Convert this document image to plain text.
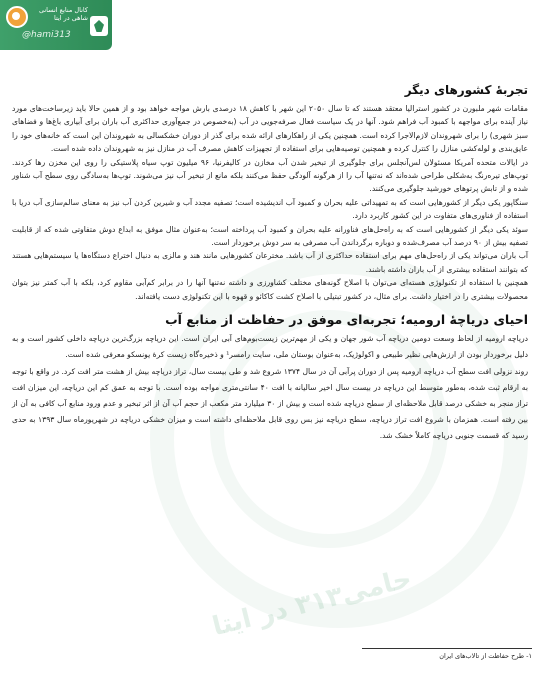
کانال منابع انسانی شاهی در ایتا
@hami313
تجربۀ کشورهای دیگر

مقامات شهر ملبورن در کشور استرالیا معتقد هستند که تا سال ۲۰۵۰ این شهر با کاهش ۱۸ درصدی بارش مواجه خواهد بود و از همین حالا باید زیرساخت‌های مورد نیاز آینده برای مواجهه با کمبود آب فراهم شود. آنها در یک سیاست فعال صرفه‌جویی در آب (به‌خصوص در جمع‌آوری حداکثری آب باران برای آبیاری باغ‌ها و فضاهای سبز شهری) را برای شهروندان لازم‌الاجرا کرده است. همچنین یکی از راهکارهای ارائه شده برای گذر از دوران خشکسالی به شهروندان این است که خانه‌های خود را عایق‌بندی و لوله‌کشی منازل را کنترل کرده و همچنین توصیه‌هایی برای استفاده از تجهیزات کاهش مصرف آب در منازل نیز به شهروندان داده شده است.

در ایالات متحده آمریکا مسئولان لس‌آنجلس برای جلوگیری از تبخیر شدن آب مخازن در کالیفرنیا، ۹۶ میلیون توپ سیاه پلاستیکی را روی این مخزن رها کردند. توپ‌های تیره‌رنگ به‌شکلی طراحی شده‌اند که نه‌تنها آب را از هرگونه آلودگی حفظ می‌کنند بلکه مانع از تبخیر آب نیز می‌شوند. توپ‌ها به‌سادگی روی سطح آب شناور شده و از تابش پرتوهای خورشید جلوگیری می‌کنند.

سنگاپور یکی دیگر از کشورهایی است که به تمهیداتی علیه بحران و کمبود آب اندیشیده است؛ تصفیه مجدد آب و شیرین کردن آب نیز به معنای سالم‌سازی آب دریا با استفاده از فناوری‌های متفاوت در این کشور کاربرد دارد.

سوئد یکی دیگر از کشورهایی است که به راه‌حل‌های فناورانه علیه بحران و کمبود آب پرداخته است؛ به‌عنوان مثال موفق به ابداع دوش متفاوتی شده که از قابلیت تصفیه بیش از ۹۰ درصد آب مصرف‌شده و دوباره برگرداندن آب مصرفی به سر دوش برخوردار است.

آب باران می‌تواند یکی از راه‌حل‌های مهم برای استفاده حداکثری از آب باشد. مخترعان کشورهایی مانند هند و مالزی به دنبال اختراع دستگاه‌ها یا سیستم‌هایی هستند که بتوانند استفاده بیشتری از آب باران داشته باشند.

همچنین با استفاده از تکنولوژی هسته‌ای می‌توان با اصلاح گونه‌های مختلف کشاورزی و داشته نه‌تنها آنها را در برابر کم‌آبی مقاوم کرد، بلکه با آب کمتر نیز بتوان محصولات بیشتری را در اختیار داشت. برای مثال، در کشور تبتیلی با اصلاح کشت کاکائو و قهوه با این تکنولوژی دست یافته‌اند.

احیای دریاچۀ ارومیه؛ تجربه‌ای موفق در حفاظت از منابع آب

دریاچه ارومیه از لحاظ وسعت دومین دریاچه آب شور جهان و یکی از مهم‌ترین زیست‌بوم‌های آبی ایران است. این دریاچه بزرگ‌ترین دریاچه داخلی کشور است و به دلیل برخوردار بودن از ارزش‌هایی نظیر طبیعی و اکولوژیک، به‌عنوان بوستان ملی، سایت رامسر¹ و ذخیره‌گاه زیست کرهٔ یونسکو معرفی شده است.

روند نزولی افت سطح آب دریاچه ارومیه پس از دوران پرآبی آن در سال ۱۳۷۴ شروع شد و طی بیست سال، تراز دریاچه بیش از هشت متر افت کرد. در واقع با توجه به ارقام ثبت شده، به‌طور متوسط این دریاچه در بیست سال اخیر سالیانه با افت ۴۰ سانتی‌متری مواجه بوده است. با توجه به عمق کم این دریاچه، این میزان افت تراز منجر به خشکی درصد قابل ملاحظه‌ای از سطح دریاچه شده است و بیش از ۳۰ میلیارد متر مکعب از حجم آب آن از اثر تبخیر و عدم ورود منابع آب کافی به آن از بین رفته است. همزمان با شروع افت تراز دریاچه، سطح دریاچه نیز بس روی قابل ملاحظه‌ای داشته است و میزان خشکی دریاچه در شهریورماه سال ۱۳۹۳ به حدی رسید که قسمت جنوبی دریاچه کاملاً خشک شد.

حامی۳۱۳ در ایتا
۱- طرح حفاظت از تالاب‌های ایران
